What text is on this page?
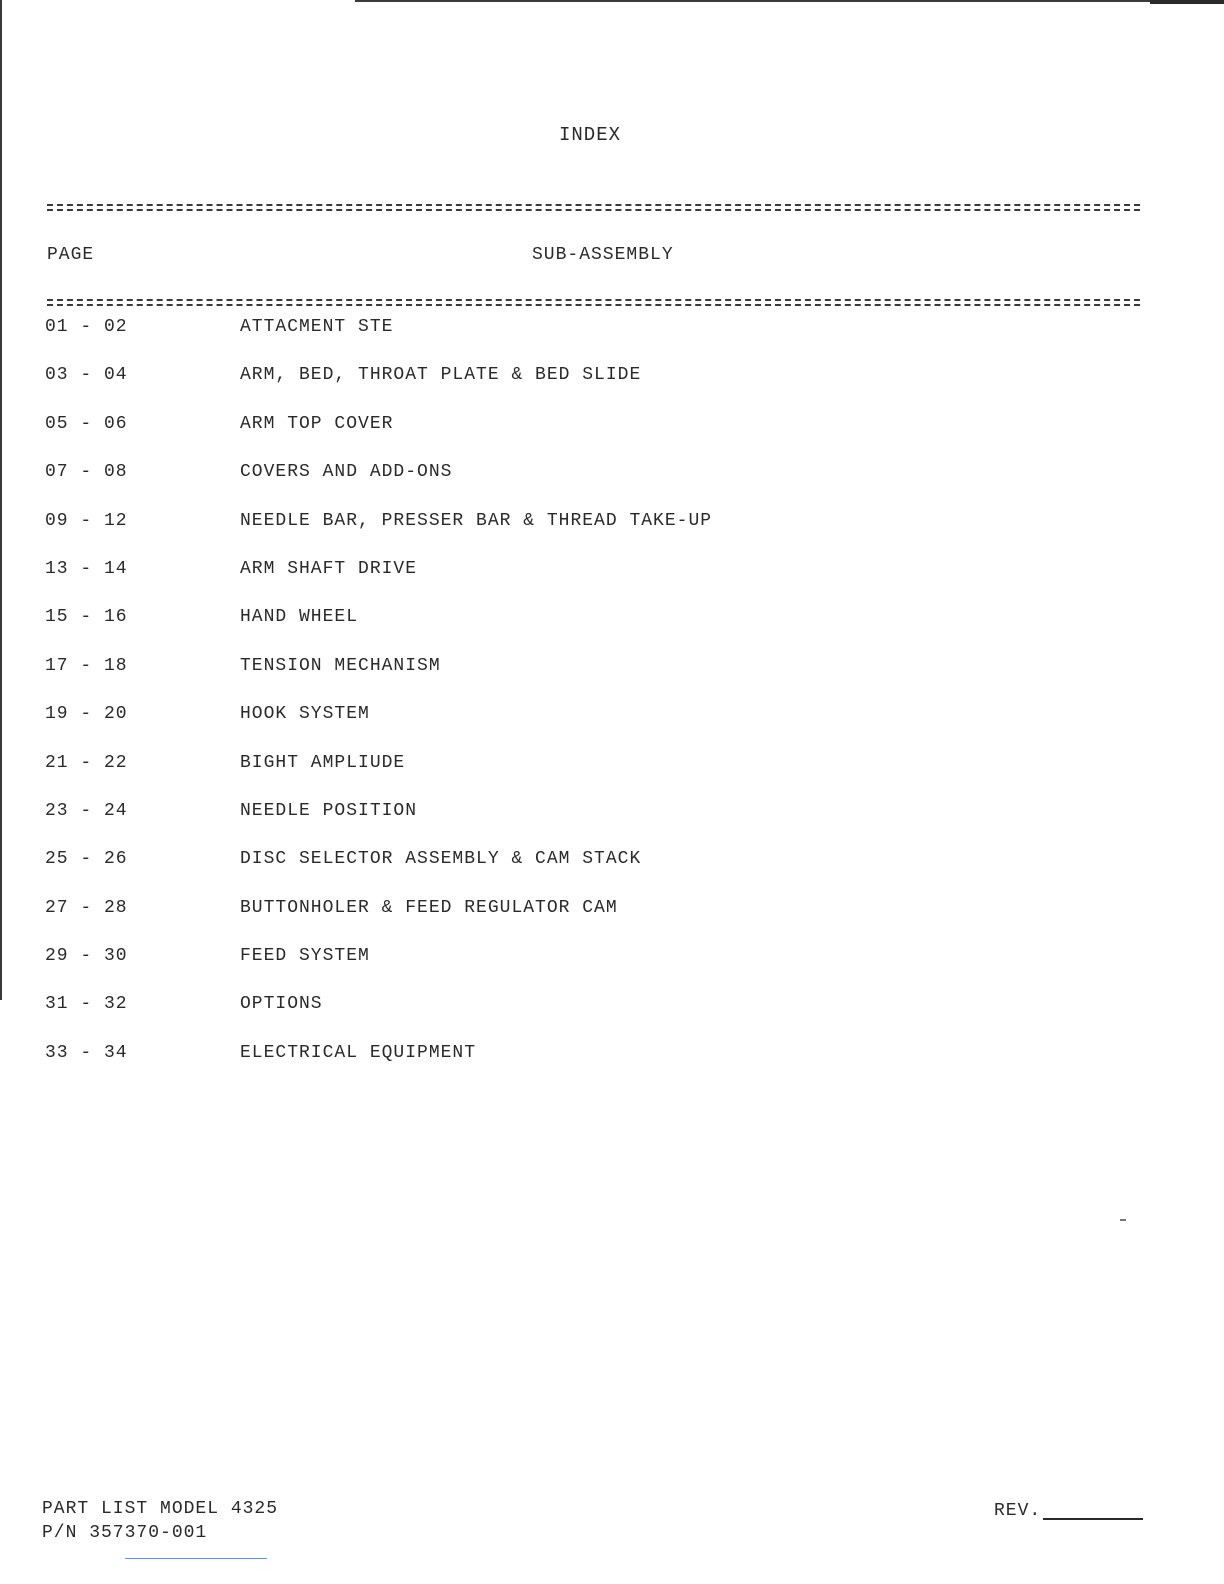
INDEX
PAGE	SUB-ASSEMBLY
01 - 02	ATTACMENT STE
03 - 04	ARM, BED, THROAT PLATE & BED SLIDE
05 - 06	ARM TOP COVER
07 - 08	COVERS AND ADD-ONS
09 - 12	NEEDLE BAR, PRESSER BAR & THREAD TAKE-UP
13 - 14	ARM SHAFT DRIVE
15 - 16	HAND WHEEL
17 - 18	TENSION MECHANISM
19 - 20	HOOK SYSTEM
21 - 22	BIGHT AMPLIUDE
23 - 24	NEEDLE POSITION
25 - 26	DISC SELECTOR ASSEMBLY & CAM STACK
27 - 28	BUTTONHOLER & FEED REGULATOR CAM
29 - 30	FEED SYSTEM
31 - 32	OPTIONS
33 - 34	ELECTRICAL EQUIPMENT
PART LIST MODEL 4325
P/N 357370-001
REV.
